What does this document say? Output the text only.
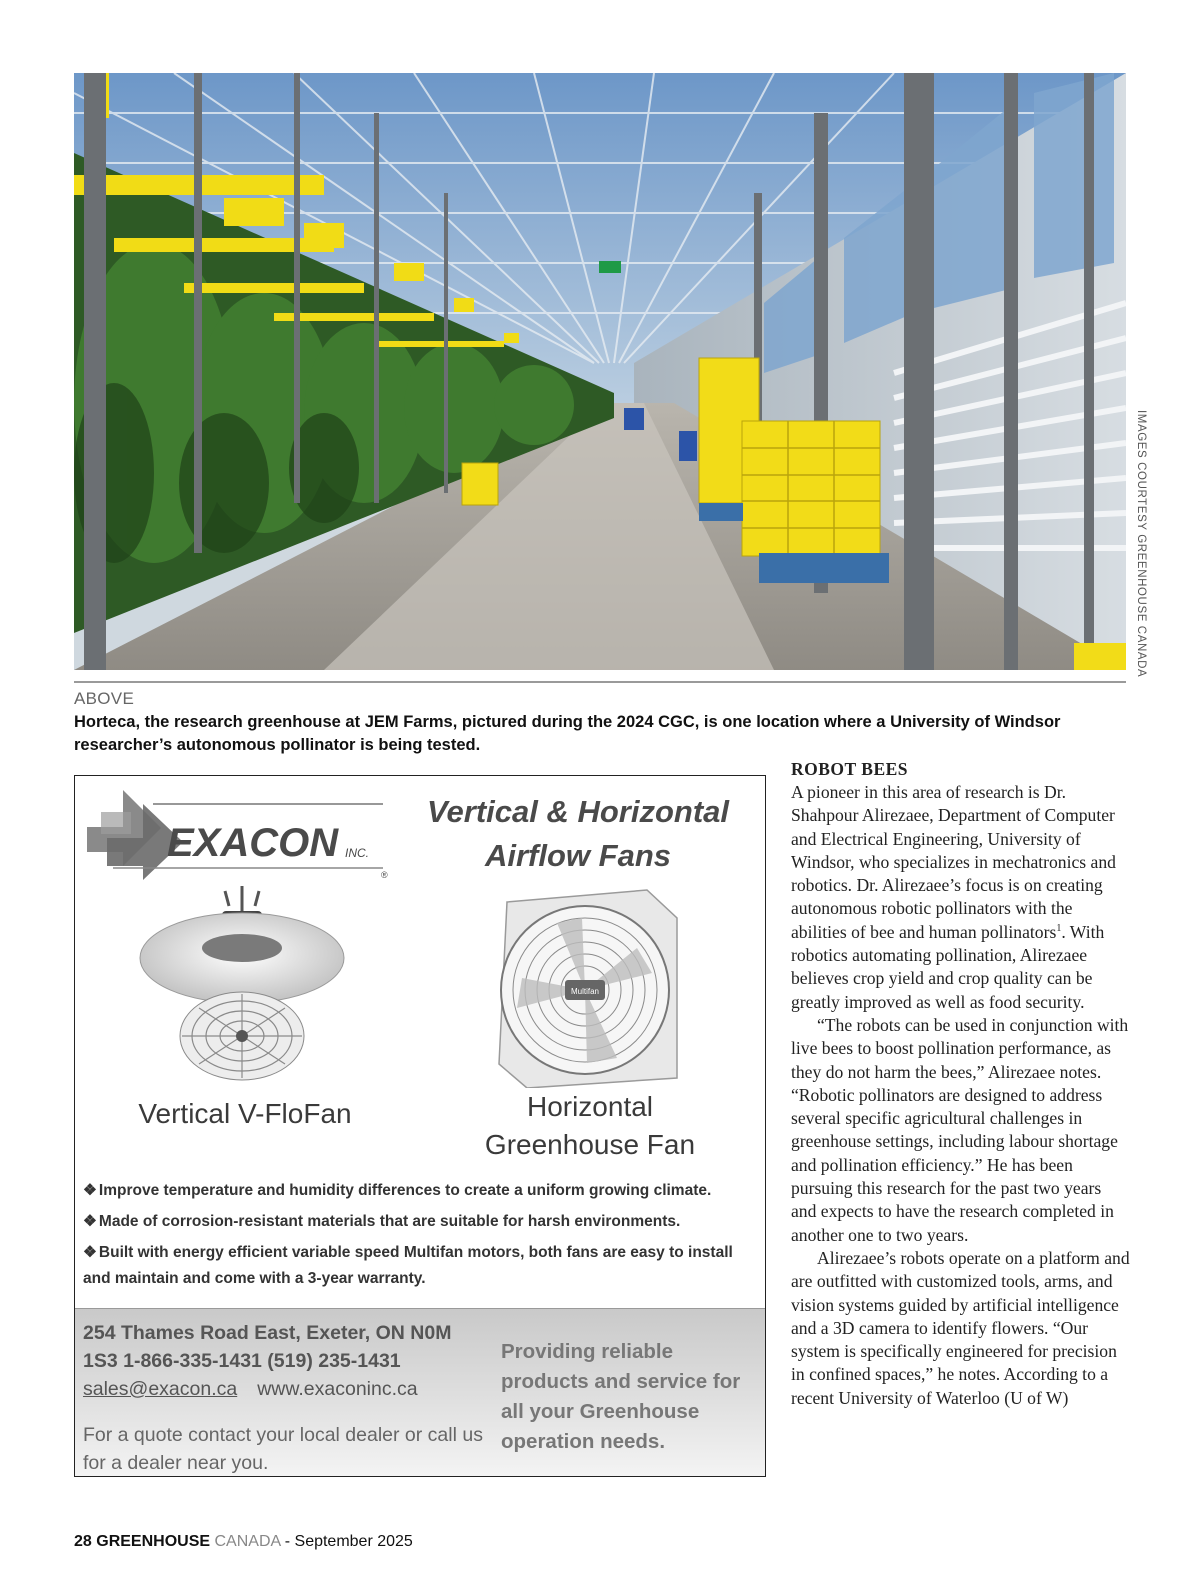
IMAGES COURTESY GREENHOUSE CANADA
ABOVE
Horteca, the research greenhouse at JEM Farms, pictured during the 2024 CGC, is one location where a University of Windsor researcher’s autonomous pollinator is being tested.
EXACON INC.
®
Vertical & Horizontal
Airflow Fans
Multifan
Vertical V-FloFan	Horizontal
Greenhouse Fan
❖ Improve temperature and humidity differences to create a uniform growing climate.
❖ Made of corrosion-resistant materials that are suitable for harsh environments.
❖ Built with energy efficient variable speed Multifan motors, both fans are easy to install and maintain and come with a 3-year warranty.
254 Thames Road East, Exeter, ON N0M
1S3 1-866-335-1431 (519) 235-1431
sales@exacon.ca www.exaconinc.ca
For a quote contact your local dealer or call us for a dealer near you.
Providing reliable products and service for all your Greenhouse operation needs.
ROBOT BEES

A pioneer in this area of research is Dr. Shahpour Alirezaee, Department of Computer and Electrical Engineering, University of Windsor, who specializes in mechatronics and robotics. Dr. Alirezaee’s focus is on creating autonomous robotic pollinators with the abilities of bee and human pollinators$^1$. With robotics automating pollination, Alirezaee believes crop yield and crop quality can be greatly improved as well as food security.

“The robots can be used in conjunction with live bees to boost pollination performance, as they do not harm the bees,” Alirezaee notes. “Robotic pollinators are designed to address several specific agricultural challenges in greenhouse settings, including labour shortage and pollination efficiency.” He has been pursuing this research for the past two years and expects to have the research completed in another one to two years.

Alirezaee’s robots operate on a platform and are outfitted with customized tools, arms, and vision systems guided by artificial intelligence and a 3D camera to identify flowers. “Our system is specifically engineered for precision in confined spaces,” he notes. According to a recent University of Waterloo (U of W)

28 GREENHOUSE CANADA - September 2025
